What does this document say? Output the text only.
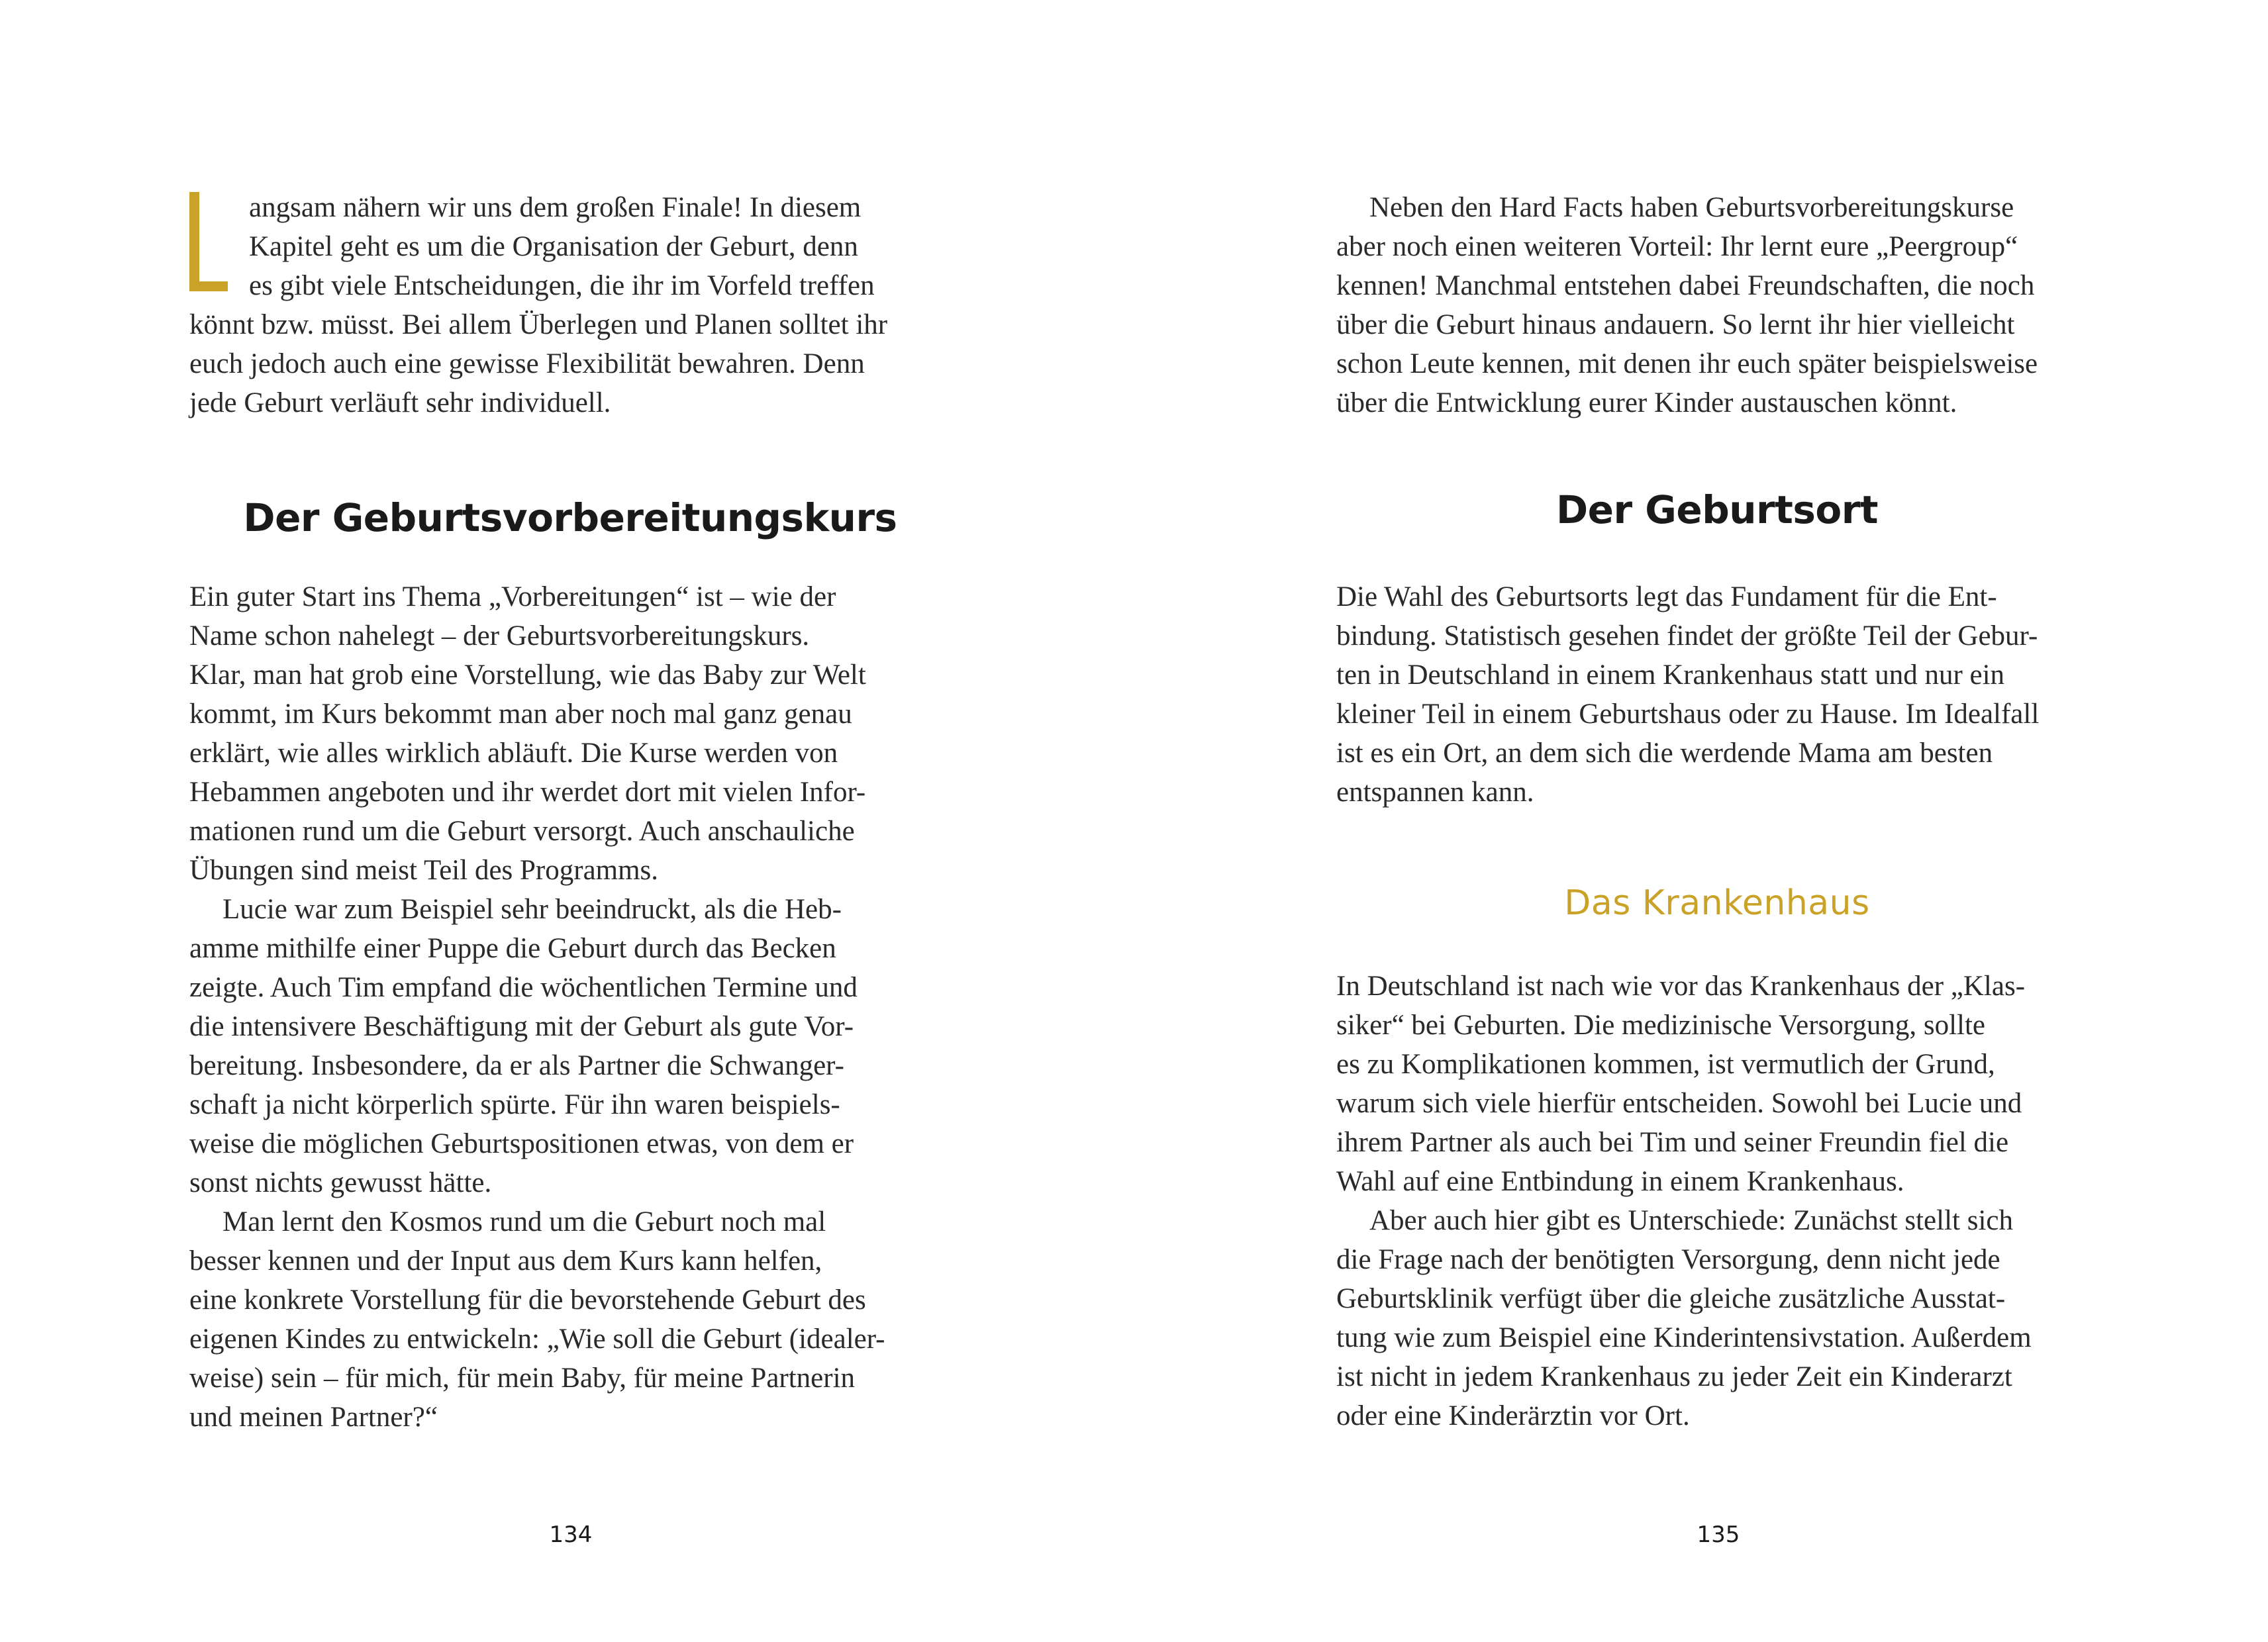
angsam nähern wir uns dem großen Finale! In diesem
Kapitel geht es um die Organisation der Geburt, denn
es gibt viele Entscheidungen, die ihr im Vorfeld treffen
könnt bzw. müsst. Bei allem Überlegen und Planen solltet ihr
euch jedoch auch eine gewisse Flexibilität bewahren. Denn
jede Geburt verläuft sehr individuell.
Der Geburtsvorbereitungskurs
Ein guter Start ins Thema „Vorbereitungen“ ist – wie der
Name schon nahelegt – der Geburtsvorbereitungskurs.
Klar, man hat grob eine Vorstellung, wie das Baby zur Welt
kommt, im Kurs bekommt man aber noch mal ganz genau
erklärt, wie alles wirklich abläuft. Die Kurse werden von
Hebammen angeboten und ihr werdet dort mit vielen Infor-
mationen rund um die Geburt versorgt. Auch anschauliche
Übungen sind meist Teil des Programms.
Lucie war zum Beispiel sehr beeindruckt, als die Heb-
amme mithilfe einer Puppe die Geburt durch das Becken
zeigte. Auch Tim empfand die wöchentlichen Termine und
die intensivere Beschäftigung mit der Geburt als gute Vor-
bereitung. Insbesondere, da er als Partner die Schwanger-
schaft ja nicht körperlich spürte. Für ihn waren beispiels-
weise die möglichen Geburtspositionen etwas, von dem er
sonst nichts gewusst hätte.
Man lernt den Kosmos rund um die Geburt noch mal
besser kennen und der Input aus dem Kurs kann helfen,
eine konkrete Vorstellung für die bevorstehende Geburt des
eigenen Kindes zu entwickeln: „Wie soll die Geburt (idealer-
weise) sein – für mich, für mein Baby, für meine Partnerin
und meinen Partner?“
134
Neben den Hard Facts haben Geburtsvorbereitungskurse
aber noch einen weiteren Vorteil: Ihr lernt eure „Peergroup“
kennen! Manchmal entstehen dabei Freundschaften, die noch
über die Geburt hinaus andauern. So lernt ihr hier vielleicht
schon Leute kennen, mit denen ihr euch später beispielsweise
über die Entwicklung eurer Kinder austauschen könnt.
Der Geburtsort
Die Wahl des Geburtsorts legt das Fundament für die Ent-
bindung. Statistisch gesehen findet der größte Teil der Gebur-
ten in Deutschland in einem Krankenhaus statt und nur ein
kleiner Teil in einem Geburtshaus oder zu Hause. Im Idealfall
ist es ein Ort, an dem sich die werdende Mama am besten
entspannen kann.
Das Krankenhaus
In Deutschland ist nach wie vor das Krankenhaus der „Klas-
siker“ bei Geburten. Die medizinische Versorgung, sollte
es zu Komplikationen kommen, ist vermutlich der Grund,
warum sich viele hierfür entscheiden. Sowohl bei Lucie und
ihrem Partner als auch bei Tim und seiner Freundin fiel die
Wahl auf eine Entbindung in einem Krankenhaus.
Aber auch hier gibt es Unterschiede: Zunächst stellt sich
die Frage nach der benötigten Versorgung, denn nicht jede
Geburtsklinik verfügt über die gleiche zusätzliche Ausstat-
tung wie zum Beispiel eine Kinderintensivstation. Außerdem
ist nicht in jedem Krankenhaus zu jeder Zeit ein Kinderarzt
oder eine Kinderärztin vor Ort.
135
